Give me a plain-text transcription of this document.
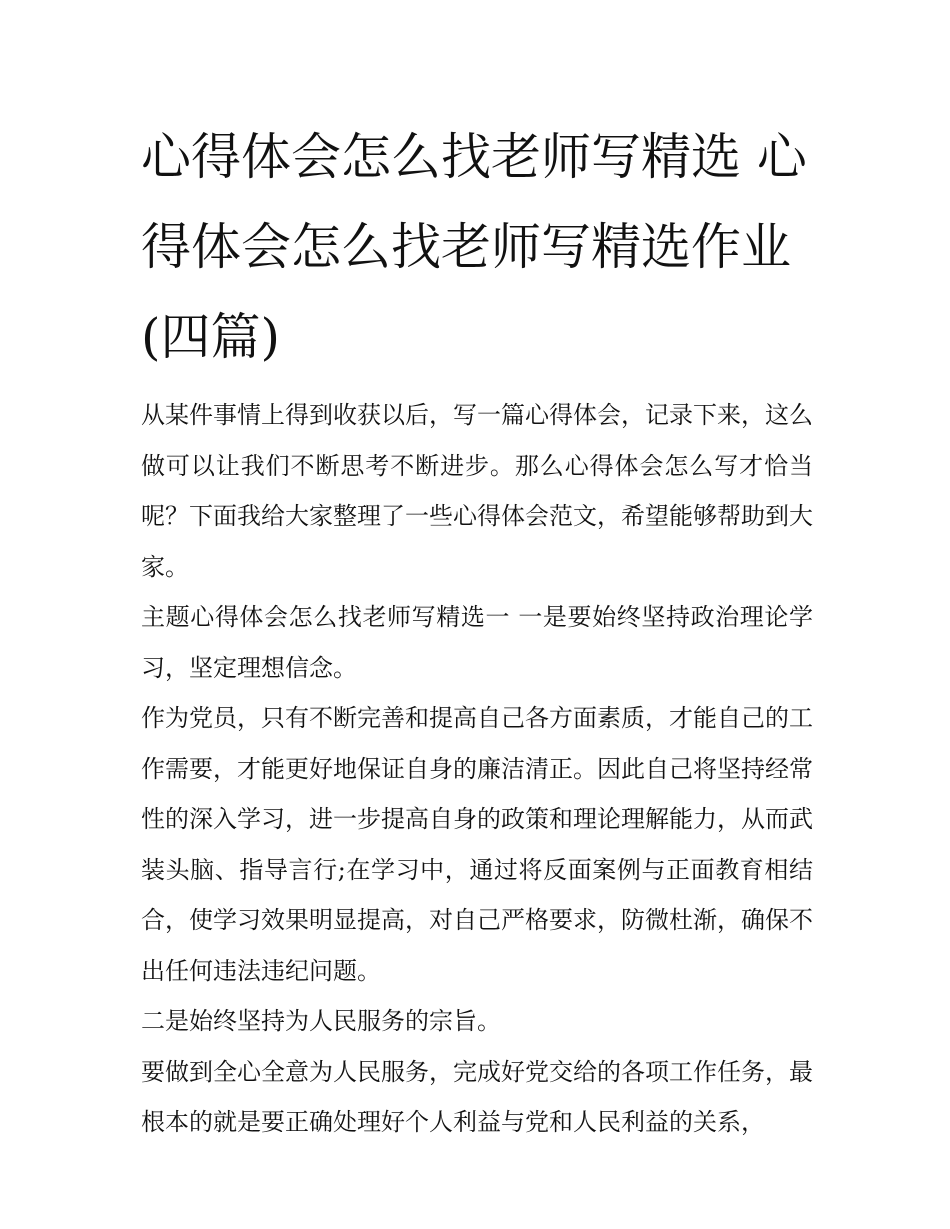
心得体会怎么找老师写精选 心得体会怎么找老师写精选作业(四篇)

从某件事情上得到收获以后，写一篇心得体会，记录下来，这么做可以让我们不断思考不断进步。那么心得体会怎么写才恰当呢？下面我给大家整理了一些心得体会范文，希望能够帮助到大家。

主题心得体会怎么找老师写精选一 一是要始终坚持政治理论学习，坚定理想信念。

作为党员，只有不断完善和提高自己各方面素质，才能自己的工作需要，才能更好地保证自身的廉洁清正。因此自己将坚持经常性的深入学习，进一步提高自身的政策和理论理解能力，从而武装头脑、指导言行;在学习中，通过将反面案例与正面教育相结合，使学习效果明显提高，对自己严格要求，防微杜渐，确保不出任何违法违纪问题。

二是始终坚持为人民服务的宗旨。

要做到全心全意为人民服务，完成好党交给的各项工作任务，最根本的就是要正确处理好个人利益与党和人民利益的关系，
